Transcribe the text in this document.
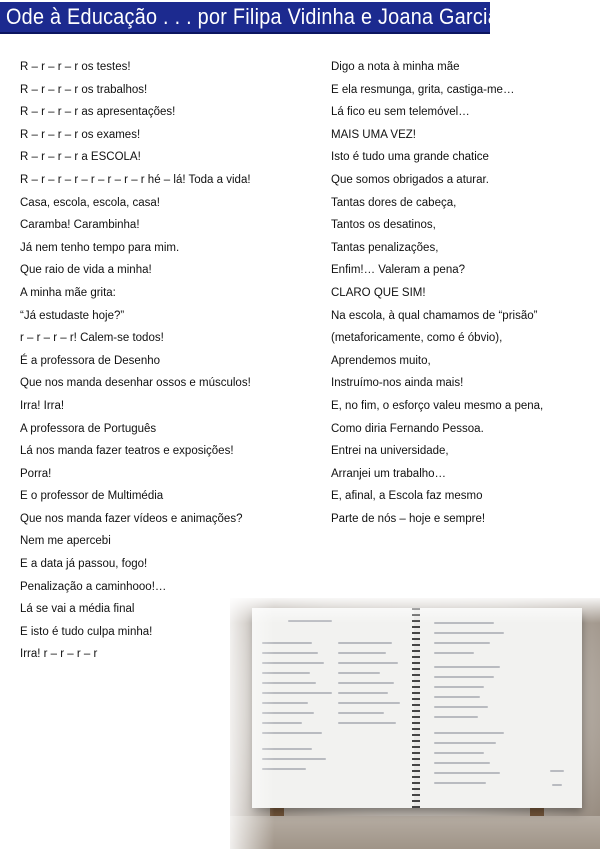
Ode à Educação . . . por Filipa Vidinha e Joana Garcia
R – r – r – r os testes!
R – r – r – r os trabalhos!
R – r – r – r as apresentações!
R – r – r – r os exames!
R – r – r – r a ESCOLA!
R – r – r – r – r – r – r – r hé – lá! Toda a vida!
Casa, escola, escola, casa!
Caramba! Carambinha!
Já nem tenho tempo para mim.
Que raio de vida a minha!
A minha mãe grita:
“Já estudaste hoje?”
r – r – r – r! Calem-se todos!
É a professora de Desenho
Que nos manda desenhar ossos e músculos!
Irra! Irra!
A professora de Português
Lá nos manda fazer teatros e exposições!
Porra!
E o professor de Multimédia
Que nos manda fazer vídeos e animações?
Nem me apercebi
E a data já passou, fogo!
Penalização a caminhooo!…
Lá se vai a média final
E isto é tudo culpa minha!
Irra! r – r – r – r
Digo a nota à minha mãe
E ela resmunga, grita, castiga-me…
Lá fico eu sem telemóvel…
MAIS UMA VEZ!
Isto é tudo uma grande chatice
Que somos obrigados a aturar.
Tantas dores de cabeça,
Tantos os desatinos,
Tantas penalizações,
Enfim!… Valeram a pena?
CLARO QUE SIM!
Na escola, à qual chamamos de “prisão”
(metaforicamente, como é óbvio),
Aprendemos muito,
Instruímo-nos ainda mais!
E, no fim, o esforço valeu mesmo a pena,
Como diria Fernando Pessoa.
Entrei na universidade,
Arranjei um trabalho…
E, afinal, a Escola faz mesmo
Parte de nós – hoje e sempre!
